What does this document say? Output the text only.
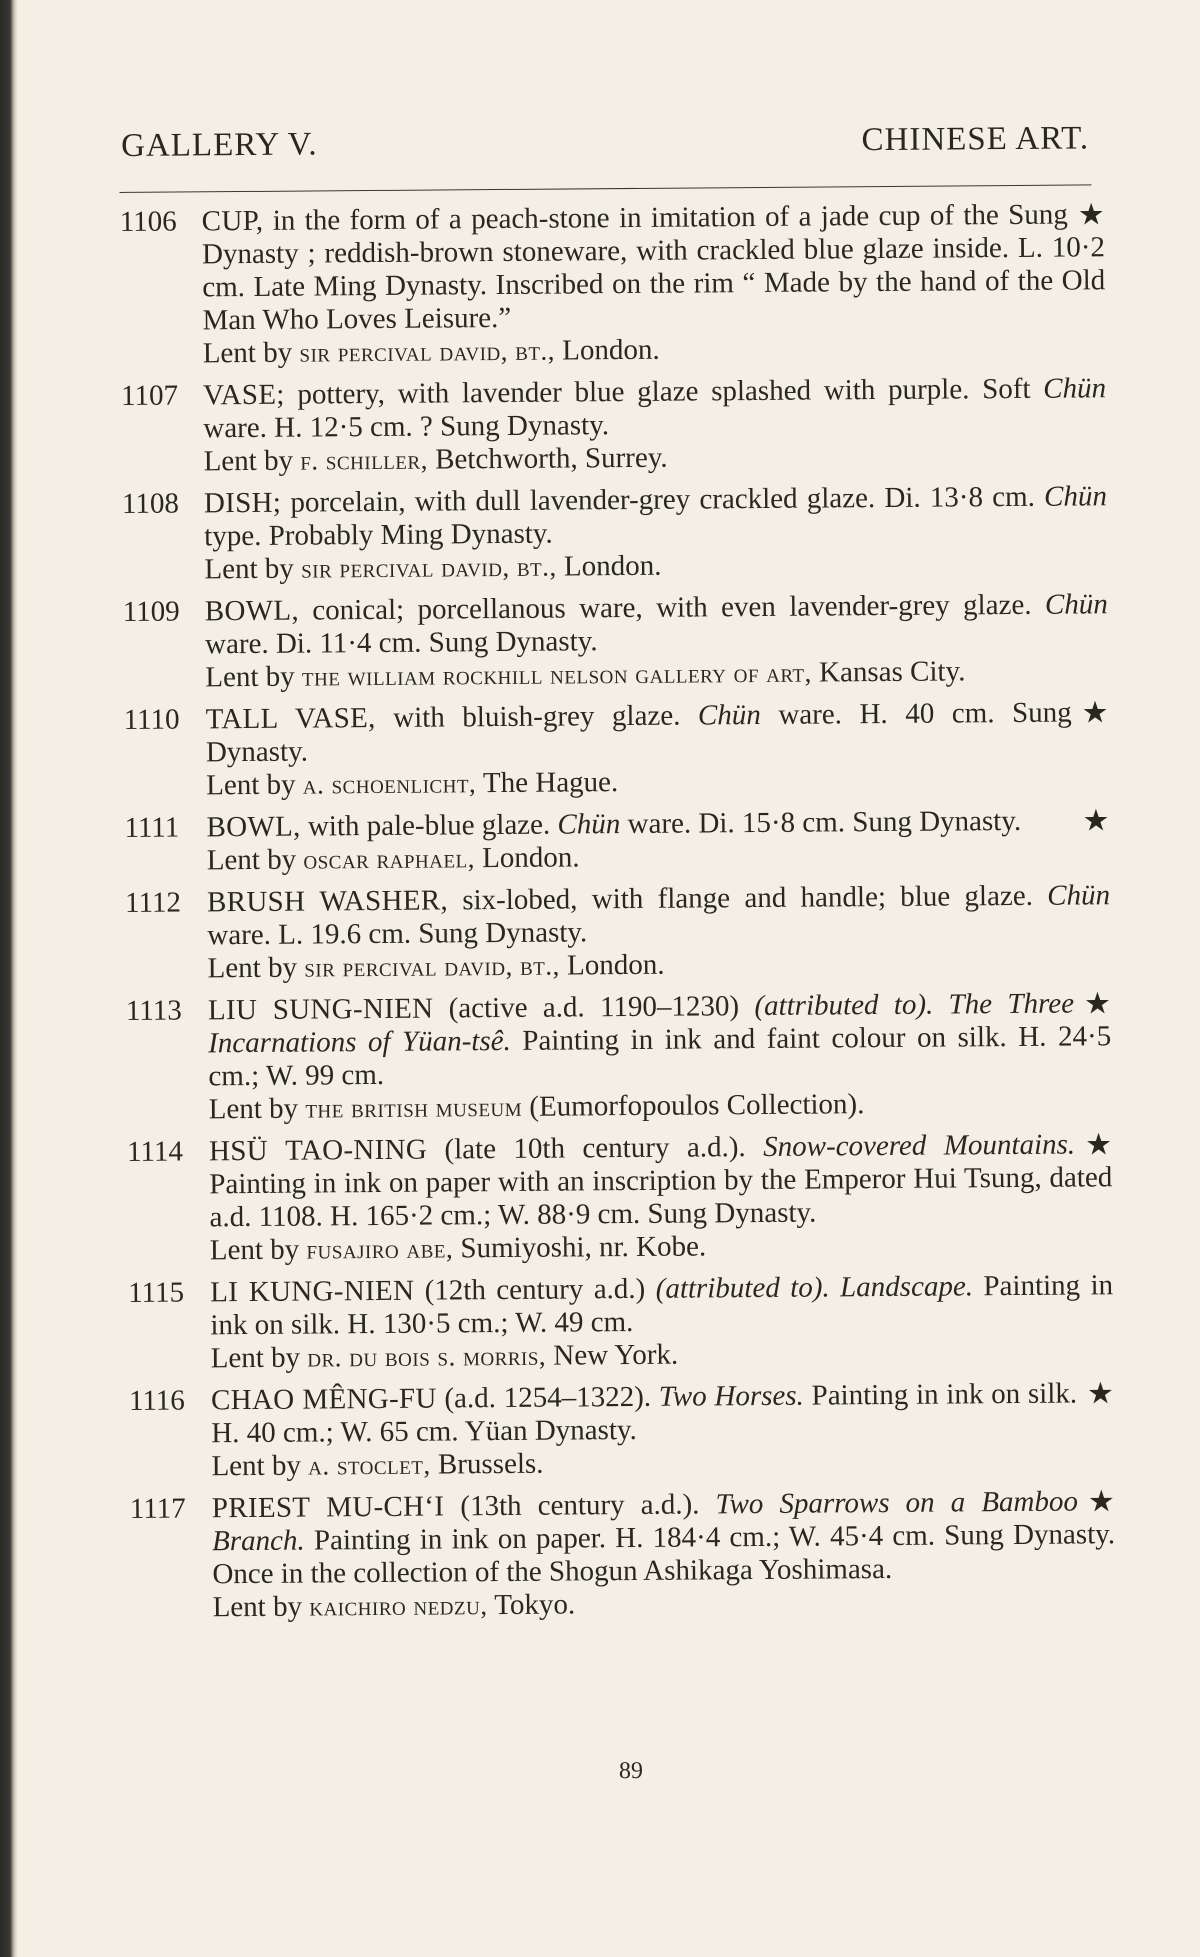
GALLERY V.	CHINESE ART.
1106	★
CUP, in the form of a peach-stone in imitation of a jade cup of the Sung Dynasty ; reddish-brown stoneware, with crackled blue glaze inside. L. 10·2 cm. Late Ming Dynasty. Inscribed on the rim “ Made by the hand of the Old Man Who Loves Leisure.”
Lent by sir percival david, bt., London.
1107 VASE; pottery, with lavender blue glaze splashed with purple. Soft Chün ware. H. 12·5 cm. ? Sung Dynasty.
Lent by f. schiller, Betchworth, Surrey.
1108 DISH; porcelain, with dull lavender-grey crackled glaze. Di. 13·8 cm. Chün type. Probably Ming Dynasty.
Lent by sir percival david, bt., London.
1109 BOWL, conical; porcellanous ware, with even lavender-grey glaze. Chün ware. Di. 11·4 cm. Sung Dynasty.
Lent by the william rockhill nelson gallery of art, Kansas City.
1110	★
TALL VASE, with bluish-grey glaze. Chün ware. H. 40 cm. Sung Dynasty.
Lent by a. schoenlicht, The Hague.
1111	★
BOWL, with pale-blue glaze. Chün ware. Di. 15·8 cm. Sung Dynasty.
Lent by oscar raphael, London.
1112 BRUSH WASHER, six-lobed, with flange and handle; blue glaze. Chün ware. L. 19.6 cm. Sung Dynasty.
Lent by sir percival david, bt., London.
1113	★
LIU SUNG-NIEN (active a.d. 1190–1230) (attributed to). The Three Incarnations of Yüan-tsê. Painting in ink and faint colour on silk. H. 24·5 cm.; W. 99 cm.
Lent by the british museum (Eumorfopoulos Collection).
1114	★
HSÜ TAO-NING (late 10th century a.d.). Snow-covered Mountains. Painting in ink on paper with an inscription by the Emperor Hui Tsung, dated a.d. 1108. H. 165·2 cm.; W. 88·9 cm. Sung Dynasty.
Lent by fusajiro abe, Sumiyoshi, nr. Kobe.
1115 LI KUNG-NIEN (12th century a.d.) (attributed to). Landscape. Painting in ink on silk. H. 130·5 cm.; W. 49 cm.
Lent by dr. du bois s. morris, New York.
1116	★
CHAO MÊNG-FU (a.d. 1254–1322). Two Horses. Painting in ink on silk. H. 40 cm.; W. 65 cm. Yüan Dynasty.
Lent by a. stoclet, Brussels.
1117	★
PRIEST MU-CH‘I (13th century a.d.). Two Sparrows on a Bamboo Branch. Painting in ink on paper. H. 184·4 cm.; W. 45·4 cm. Sung Dynasty. Once in the collection of the Shogun Ashikaga Yoshimasa.
Lent by kaichiro nedzu, Tokyo.
89
